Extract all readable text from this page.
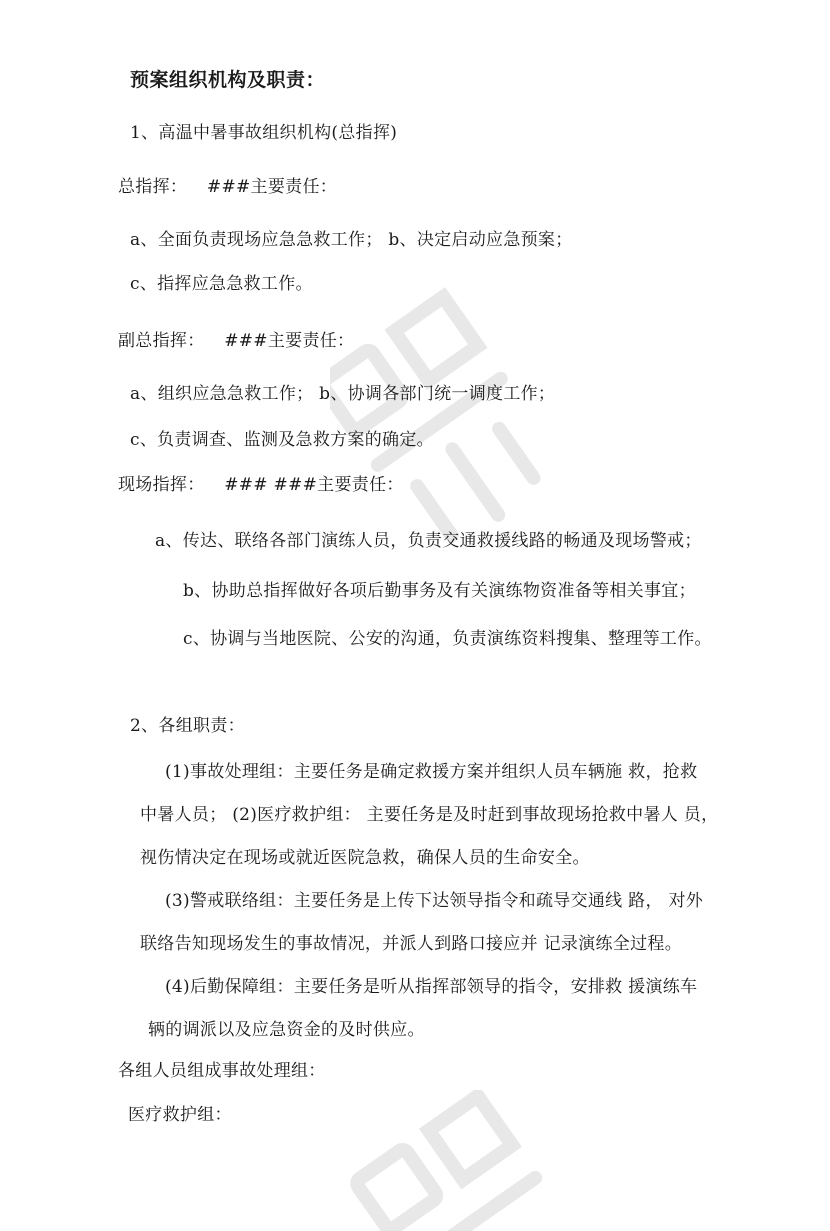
预案组织机构及职责：
1、高温中暑事故组织机构(总指挥)
总指挥： ###主要责任：
a、全面负责现场应急急救工作； b、决定启动应急预案；
c、指挥应急急救工作。
副总指挥： ###主要责任：
a、组织应急急救工作； b、协调各部门统一调度工作；
c、负责调查、监测及急救方案的确定。
现场指挥： ### ###主要责任：
a、传达、联络各部门演练人员，负责交通救援线路的畅通及现场警戒；
b、协助总指挥做好各项后勤事务及有关演练物资准备等相关事宜；
c、协调与当地医院、公安的沟通，负责演练资料搜集、整理等工作。
2、各组职责：
(1)事故处理组：主要任务是确定救援方案并组织人员车辆施 救，抢救
中暑人员； (2)医疗救护组： 主要任务是及时赶到事故现场抢救中暑人 员，
视伤情决定在现场或就近医院急救，确保人员的生命安全。
(3)警戒联络组：主要任务是上传下达领导指令和疏导交通线 路， 对外
联络告知现场发生的事故情况，并派人到路口接应并 记录演练全过程。
(4)后勤保障组：主要任务是听从指挥部领导的指令，安排救 援演练车
辆的调派以及应急资金的及时供应。
各组人员组成事故处理组：
医疗救护组：
